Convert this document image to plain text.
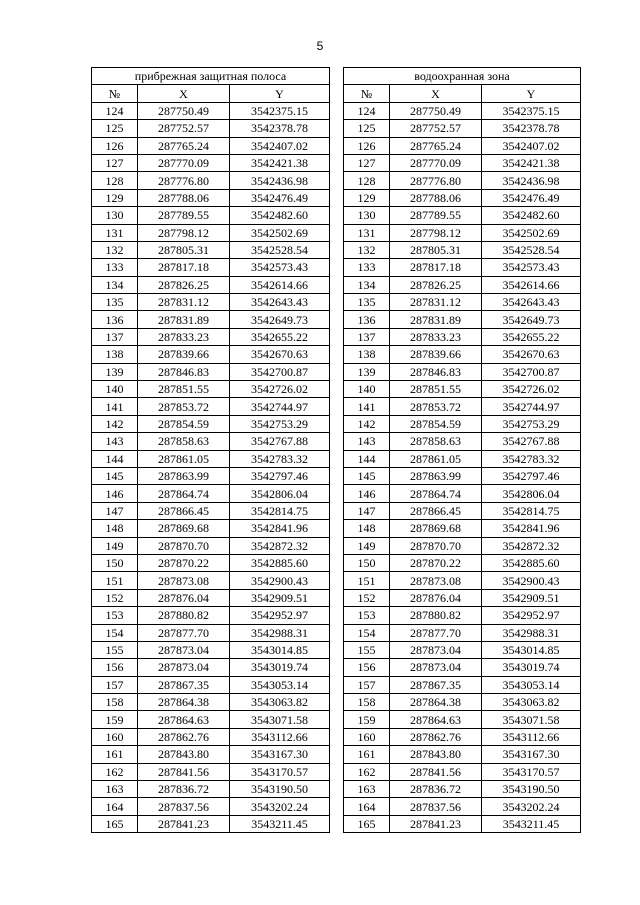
5
прибрежная защитная полоса		
№	X	Y
124	287750.49	3542375.15
125	287752.57	3542378.78
126	287765.24	3542407.02
127	287770.09	3542421.38
128	287776.80	3542436.98
129	287788.06	3542476.49
130	287789.55	3542482.60
131	287798.12	3542502.69
132	287805.31	3542528.54
133	287817.18	3542573.43
134	287826.25	3542614.66
135	287831.12	3542643.43
136	287831.89	3542649.73
137	287833.23	3542655.22
138	287839.66	3542670.63
139	287846.83	3542700.87
140	287851.55	3542726.02
141	287853.72	3542744.97
142	287854.59	3542753.29
143	287858.63	3542767.88
144	287861.05	3542783.32
145	287863.99	3542797.46
146	287864.74	3542806.04
147	287866.45	3542814.75
148	287869.68	3542841.96
149	287870.70	3542872.32
150	287870.22	3542885.60
151	287873.08	3542900.43
152	287876.04	3542909.51
153	287880.82	3542952.97
154	287877.70	3542988.31
155	287873.04	3543014.85
156	287873.04	3543019.74
157	287867.35	3543053.14
158	287864.38	3543063.82
159	287864.63	3543071.58
160	287862.76	3543112.66
161	287843.80	3543167.30
162	287841.56	3543170.57
163	287836.72	3543190.50
164	287837.56	3543202.24
165	287841.23	3543211.45
водоохранная зона		
№	X	Y
124	287750.49	3542375.15
125	287752.57	3542378.78
126	287765.24	3542407.02
127	287770.09	3542421.38
128	287776.80	3542436.98
129	287788.06	3542476.49
130	287789.55	3542482.60
131	287798.12	3542502.69
132	287805.31	3542528.54
133	287817.18	3542573.43
134	287826.25	3542614.66
135	287831.12	3542643.43
136	287831.89	3542649.73
137	287833.23	3542655.22
138	287839.66	3542670.63
139	287846.83	3542700.87
140	287851.55	3542726.02
141	287853.72	3542744.97
142	287854.59	3542753.29
143	287858.63	3542767.88
144	287861.05	3542783.32
145	287863.99	3542797.46
146	287864.74	3542806.04
147	287866.45	3542814.75
148	287869.68	3542841.96
149	287870.70	3542872.32
150	287870.22	3542885.60
151	287873.08	3542900.43
152	287876.04	3542909.51
153	287880.82	3542952.97
154	287877.70	3542988.31
155	287873.04	3543014.85
156	287873.04	3543019.74
157	287867.35	3543053.14
158	287864.38	3543063.82
159	287864.63	3543071.58
160	287862.76	3543112.66
161	287843.80	3543167.30
162	287841.56	3543170.57
163	287836.72	3543190.50
164	287837.56	3543202.24
165	287841.23	3543211.45
